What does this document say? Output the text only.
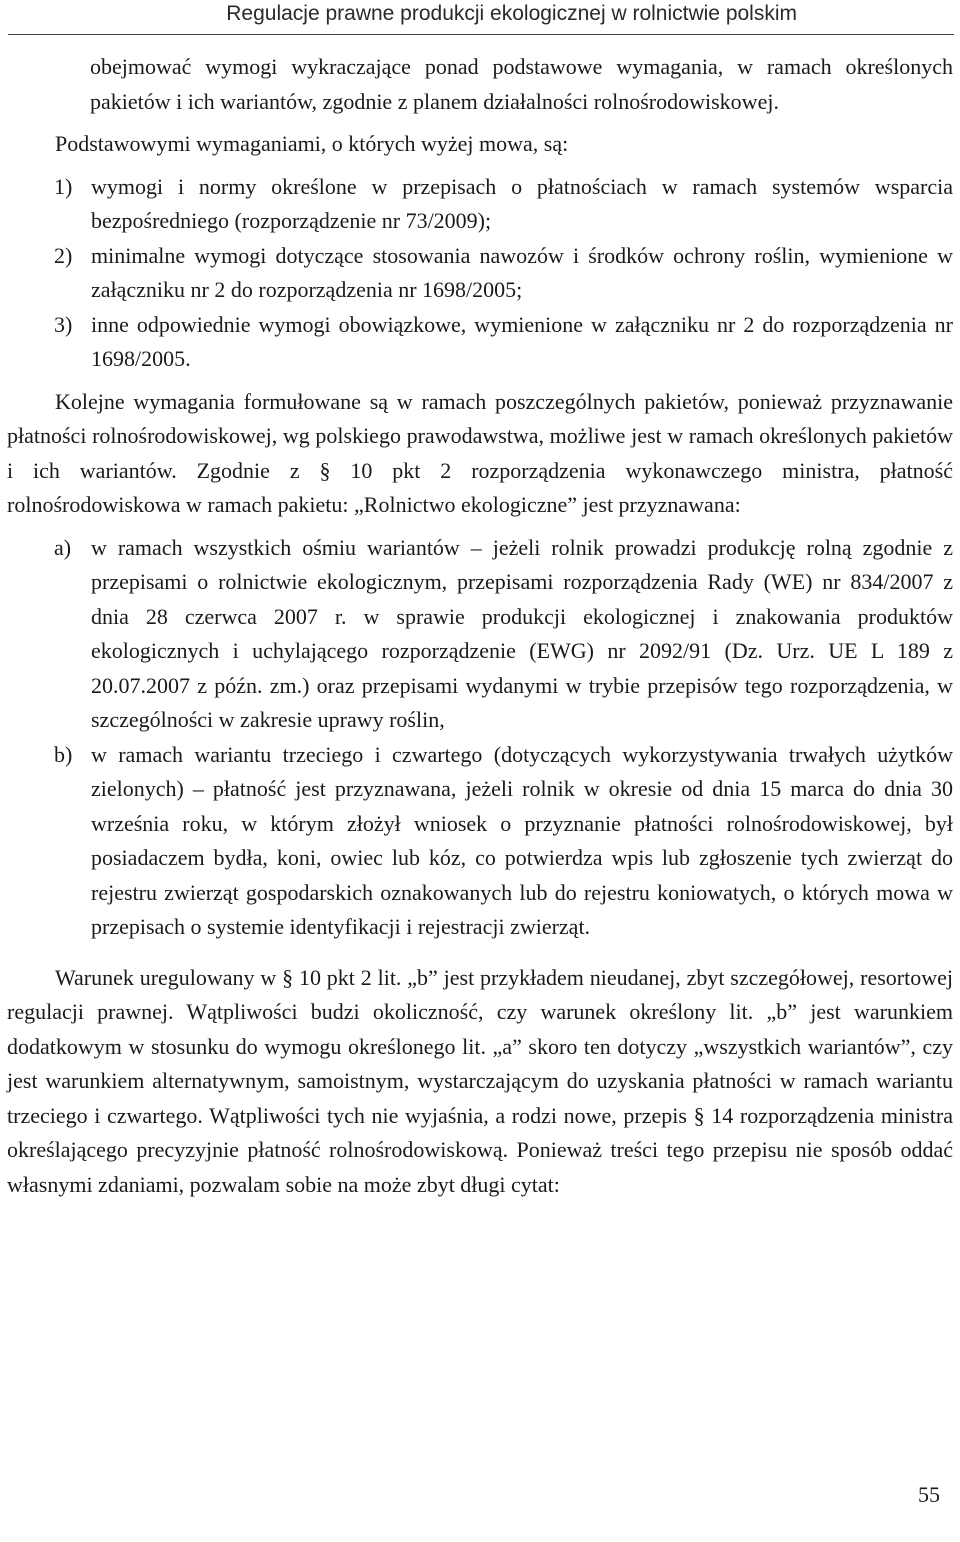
Regulacje prawne produkcji ekologicznej w rolnictwie polskim

obejmować wymogi wykraczające ponad podstawowe wymagania, w ramach określonych pakietów i ich wariantów, zgodnie z planem działalności rolnośrodowiskowej.

Podstawowymi wymaganiami, o których wyżej mowa, są:

1) wymogi i normy określone w przepisach o płatnościach w ramach systemów wsparcia bezpośredniego (rozporządzenie nr 73/2009);

2) minimalne wymogi dotyczące stosowania nawozów i środków ochrony roślin, wymienione w załączniku nr 2 do rozporządzenia nr 1698/2005;

3) inne odpowiednie wymogi obowiązkowe, wymienione w załączniku nr 2 do rozporządzenia nr 1698/2005.

Kolejne wymagania formułowane są w ramach poszczególnych pakietów, ponieważ przyznawanie płatności rolnośrodowiskowej, wg polskiego prawodawstwa, możliwe jest w ramach określonych pakietów i ich wariantów. Zgodnie z § 10 pkt 2 rozporządzenia wykonawczego ministra, płatność rolnośrodowiskowa w ramach pakietu: „Rolnictwo ekologiczne” jest przyznawana:

a) w ramach wszystkich ośmiu wariantów – jeżeli rolnik prowadzi produkcję rolną zgodnie z przepisami o rolnictwie ekologicznym, przepisami rozporządzenia Rady (WE) nr 834/2007 z dnia 28 czerwca 2007 r. w sprawie produkcji ekologicznej i znakowania produktów ekologicznych i uchylającego rozporządzenie (EWG) nr 2092/91 (Dz. Urz. UE L 189 z 20.07.2007 z późn. zm.) oraz przepisami wydanymi w trybie przepisów tego rozporządzenia, w szczególności w zakresie uprawy roślin,

b) w ramach wariantu trzeciego i czwartego (dotyczących wykorzystywania trwałych użytków zielonych) – płatność jest przyznawana, jeżeli rolnik w okresie od dnia 15 marca do dnia 30 września roku, w którym złożył wniosek o przyznanie płatności rolnośrodowiskowej, był posiadaczem bydła, koni, owiec lub kóz, co potwierdza wpis lub zgłoszenie tych zwierząt do rejestru zwierząt gospodarskich oznakowanych lub do rejestru koniowatych, o których mowa w przepisach o systemie identyfikacji i rejestracji zwierząt.

Warunek uregulowany w § 10 pkt 2 lit. „b” jest przykładem nieudanej, zbyt szczegółowej, resortowej regulacji prawnej. Wątpliwości budzi okoliczność, czy warunek określony lit. „b” jest warunkiem dodatkowym w stosunku do wymogu określonego lit. „a” skoro ten dotyczy „wszystkich wariantów”, czy jest warunkiem alternatywnym, samoistnym, wystarczającym do uzyskania płatności w ramach wariantu trzeciego i czwartego. Wątpliwości tych nie wyjaśnia, a rodzi nowe, przepis § 14 rozporządzenia ministra określającego precyzyjnie płatność rolnośrodowiskową. Ponieważ treści tego przepisu nie sposób oddać własnymi zdaniami, pozwalam sobie na może zbyt długi cytat:

55
